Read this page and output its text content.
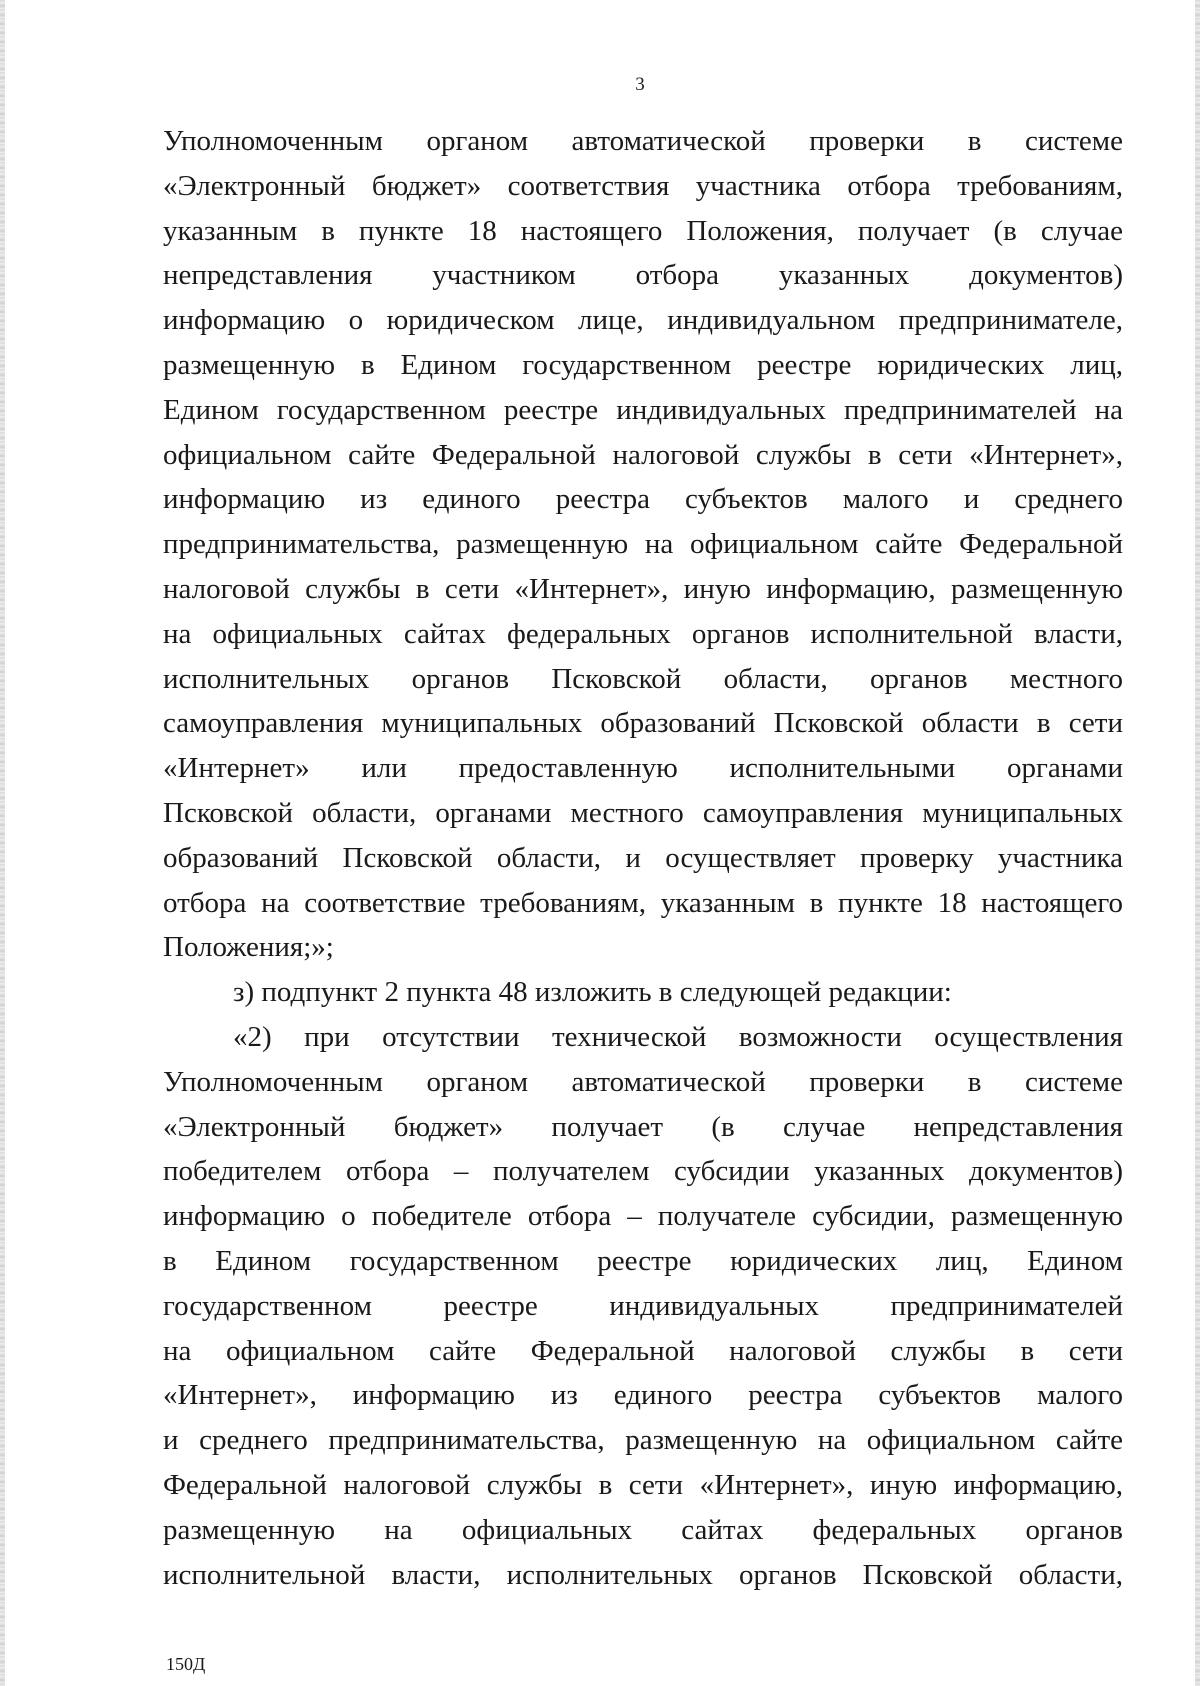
3
Уполномоченным органом автоматической проверки в системе
«Электронный бюджет» соответствия участника отбора требованиям,
указанным в пункте 18 настоящего Положения, получает (в случае
непредставления участником отбора указанных документов)
информацию о юридическом лице, индивидуальном предпринимателе,
размещенную в Едином государственном реестре юридических лиц,
Едином государственном реестре индивидуальных предпринимателей на
официальном сайте Федеральной налоговой службы в сети «Интернет»,
информацию из единого реестра субъектов малого и среднего
предпринимательства, размещенную на официальном сайте Федеральной
налоговой службы в сети «Интернет», иную информацию, размещенную
на официальных сайтах федеральных органов исполнительной власти,
исполнительных органов Псковской области, органов местного
самоуправления муниципальных образований Псковской области в сети
«Интернет» или предоставленную исполнительными органами
Псковской области, органами местного самоуправления муниципальных
образований Псковской области, и осуществляет проверку участника
отбора на соответствие требованиям, указанным в пункте 18 настоящего
Положения;»;
з) подпункт 2 пункта 48 изложить в следующей редакции:
«2) при отсутствии технической возможности осуществления
Уполномоченным органом автоматической проверки в системе
«Электронный бюджет» получает (в случае непредставления
победителем отбора – получателем субсидии указанных документов)
информацию о победителе отбора – получателе субсидии, размещенную
в Едином государственном реестре юридических лиц, Едином
государственном реестре индивидуальных предпринимателей
на официальном сайте Федеральной налоговой службы в сети
«Интернет», информацию из единого реестра субъектов малого
и среднего предпринимательства, размещенную на официальном сайте
Федеральной налоговой службы в сети «Интернет», иную информацию,
размещенную на официальных сайтах федеральных органов
исполнительной власти, исполнительных органов Псковской области,
150Д
